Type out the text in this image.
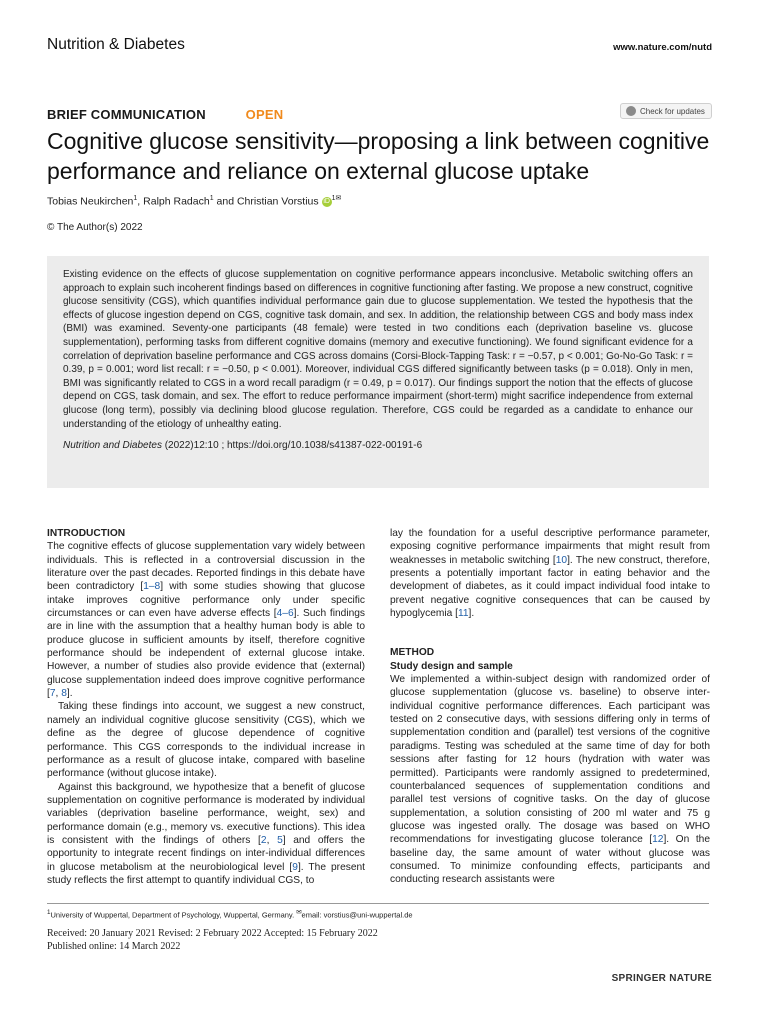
Nutrition & Diabetes	www.nature.com/nutd
BRIEF COMMUNICATION	OPEN	Check for updates
Cognitive glucose sensitivity—proposing a link between cognitive performance and reliance on external glucose uptake
Tobias Neukirchen$^1$, Ralph Radach$^1$ and Christian Vorstius iD $^{1✉}$
© The Author(s) 2022
Existing evidence on the effects of glucose supplementation on cognitive performance appears inconclusive. Metabolic switching offers an approach to explain such incoherent findings based on differences in cognitive functioning after fasting. We propose a new construct, cognitive glucose sensitivity (CGS), which quantifies individual performance gain due to glucose supplementation. We tested the hypothesis that the effects of glucose ingestion depend on CGS, cognitive task domain, and sex. In addition, the relationship between CGS and body mass index (BMI) was examined. Seventy-one participants (48 female) were tested in two conditions each (deprivation baseline vs. glucose supplementation), performing tasks from different cognitive domains (memory and executive functioning). We found significant evidence for a correlation of deprivation baseline performance and CGS across domains (Corsi-Block-Tapping Task: r = −0.57, p < 0.001; Go-No-Go Task: r = 0.39, p = 0.001; word list recall: r = −0.50, p < 0.001). Moreover, individual CGS differed significantly between tasks (p = 0.018). Only in men, BMI was significantly related to CGS in a word recall paradigm (r = 0.49, p = 0.017). Our findings support the notion that the effects of glucose depend on CGS, task domain, and sex. The effort to reduce performance impairment (short-term) might sacrifice independence from external glucose (long term), possibly via declining blood glucose regulation. Therefore, CGS could be regarded as a candidate to enhance our understanding of the etiology of unhealthy eating.
Nutrition and Diabetes (2022)12:10 ; https://doi.org/10.1038/s41387-022-00191-6
INTRODUCTION

The cognitive effects of glucose supplementation vary widely between individuals. This is reflected in a controversial discussion in the literature over the past decades. Reported findings in this debate have been contradictory [1–8] with some studies showing that glucose intake improves cognitive performance only under specific circumstances or can even have adverse effects [4–6]. Such findings are in line with the assumption that a healthy human body is able to produce glucose in sufficient amounts by itself, therefore cognitive performance should be independent of external glucose intake. However, a number of studies also provide evidence that (external) glucose supplementation indeed does improve cognitive performance [7, 8].

Taking these findings into account, we suggest a new construct, namely an individual cognitive glucose sensitivity (CGS), which we define as the degree of glucose dependence of cognitive performance. This CGS corresponds to the individual increase in performance as a result of glucose intake, compared with baseline performance (without glucose intake).

Against this background, we hypothesize that a benefit of glucose supplementation on cognitive performance is moderated by individual variables (deprivation baseline performance, weight, sex) and performance domain (e.g., memory vs. executive functions). This idea is consistent with the findings of others [2, 5] and offers the opportunity to integrate recent findings on inter-individual differences in glucose metabolism at the neurobiological level [9]. The present study reflects the first attempt to quantify individual CGS, to

lay the foundation for a useful descriptive performance parameter, exposing cognitive performance impairments that might result from weaknesses in metabolic switching [10]. The new construct, therefore, presents a potentially important factor in eating behavior and the development of diabetes, as it could impact individual food intake to prevent negative cognitive consequences that can be caused by hypoglycemia [11].

METHOD
Study design and sample

We implemented a within-subject design with randomized order of glucose supplementation (glucose vs. baseline) to observe inter-individual cognitive performance differences. Each participant was tested on 2 consecutive days, with sessions differing only in terms of supplementation condition and (parallel) test versions of the cognitive paradigms. Testing was scheduled at the same time of day for both sessions after fasting for 12 hours (hydration with water was permitted). Participants were randomly assigned to predetermined, counterbalanced sequences of supplementation conditions and parallel test versions of cognitive tasks. On the day of glucose supplementation, a solution consisting of 200 ml water and 75 g glucose was ingested orally. The dosage was based on WHO recommendations for investigating glucose tolerance [12]. On the baseline day, the same amount of water without glucose was consumed. To minimize confounding effects, participants and conducting research assistants were

$^1$University of Wuppertal, Department of Psychology, Wuppertal, Germany. ✉email: vorstius@uni-wuppertal.de
Received: 20 January 2021 Revised: 2 February 2022 Accepted: 15 February 2022
Published online: 14 March 2022
SPRINGER NATURE
